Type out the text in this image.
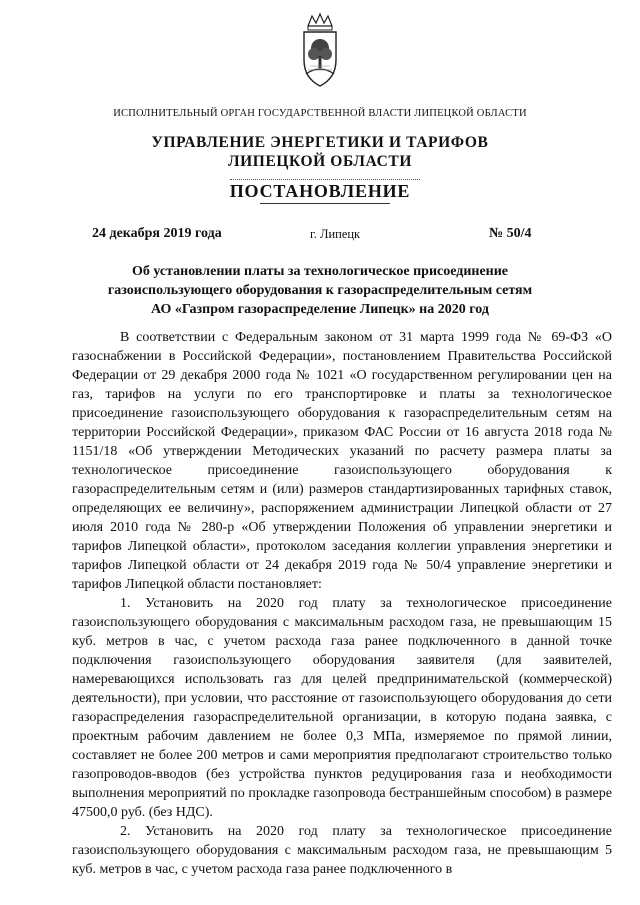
ИСПОЛНИТЕЛЬНЫЙ ОРГАН ГОСУДАРСТВЕННОЙ ВЛАСТИ ЛИПЕЦКОЙ ОБЛАСТИ
УПРАВЛЕНИЕ ЭНЕРГЕТИКИ И ТАРИФОВ
ЛИПЕЦКОЙ ОБЛАСТИ
ПОСТАНОВЛЕНИЕ
24 декабря 2019 года	г. Липецк	№ 50/4
Об установлении платы за технологическое присоединение
газоиспользующего оборудования к газораспределительным сетям
АО «Газпром газораспределение Липецк» на 2020 год

В соответствии с Федеральным законом от 31 марта 1999 года № 69-ФЗ «О газоснабжении в Российской Федерации», постановлением Правительства Российской Федерации от 29 декабря 2000 года № 1021 «О государственном регулировании цен на газ, тарифов на услуги по его транспортировке и платы за технологическое присоединение газоиспользующего оборудования к газораспределительным сетям на территории Российской Федерации», приказом ФАС России от 16 августа 2018 года № 1151/18 «Об утверждении Методических указаний по расчету размера платы за технологическое присоединение газоиспользующего оборудования к газораспределительным сетям и (или) размеров стандартизированных тарифных ставок, определяющих ее величину», распоряжением администрации Липецкой области от 27 июля 2010 года № 280-р «Об утверждении Положения об управлении энергетики и тарифов Липецкой области», протоколом заседания коллегии управления энергетики и тарифов Липецкой области от 24 декабря 2019 года № 50/4 управление энергетики и тарифов Липецкой области постановляет:

1. Установить на 2020 год плату за технологическое присоединение газоиспользующего оборудования с максимальным расходом газа, не превышающим 15 куб. метров в час, с учетом расхода газа ранее подключенного в данной точке подключения газоиспользующего оборудования заявителя (для заявителей, намеревающихся использовать газ для целей предпринимательской (коммерческой) деятельности), при условии, что расстояние от газоиспользующего оборудования до сети газораспределения газораспределительной организации, в которую подана заявка, с проектным рабочим давлением не более 0,3 МПа, измеряемое по прямой линии, составляет не более 200 метров и сами мероприятия предполагают строительство только газопроводов-вводов (без устройства пунктов редуцирования газа и необходимости выполнения мероприятий по прокладке газопровода бестраншейным способом) в размере 47500,0 руб. (без НДС).

2. Установить на 2020 год плату за технологическое присоединение газоиспользующего оборудования с максимальным расходом газа, не превышающим 5 куб. метров в час, с учетом расхода газа ранее подключенного в
